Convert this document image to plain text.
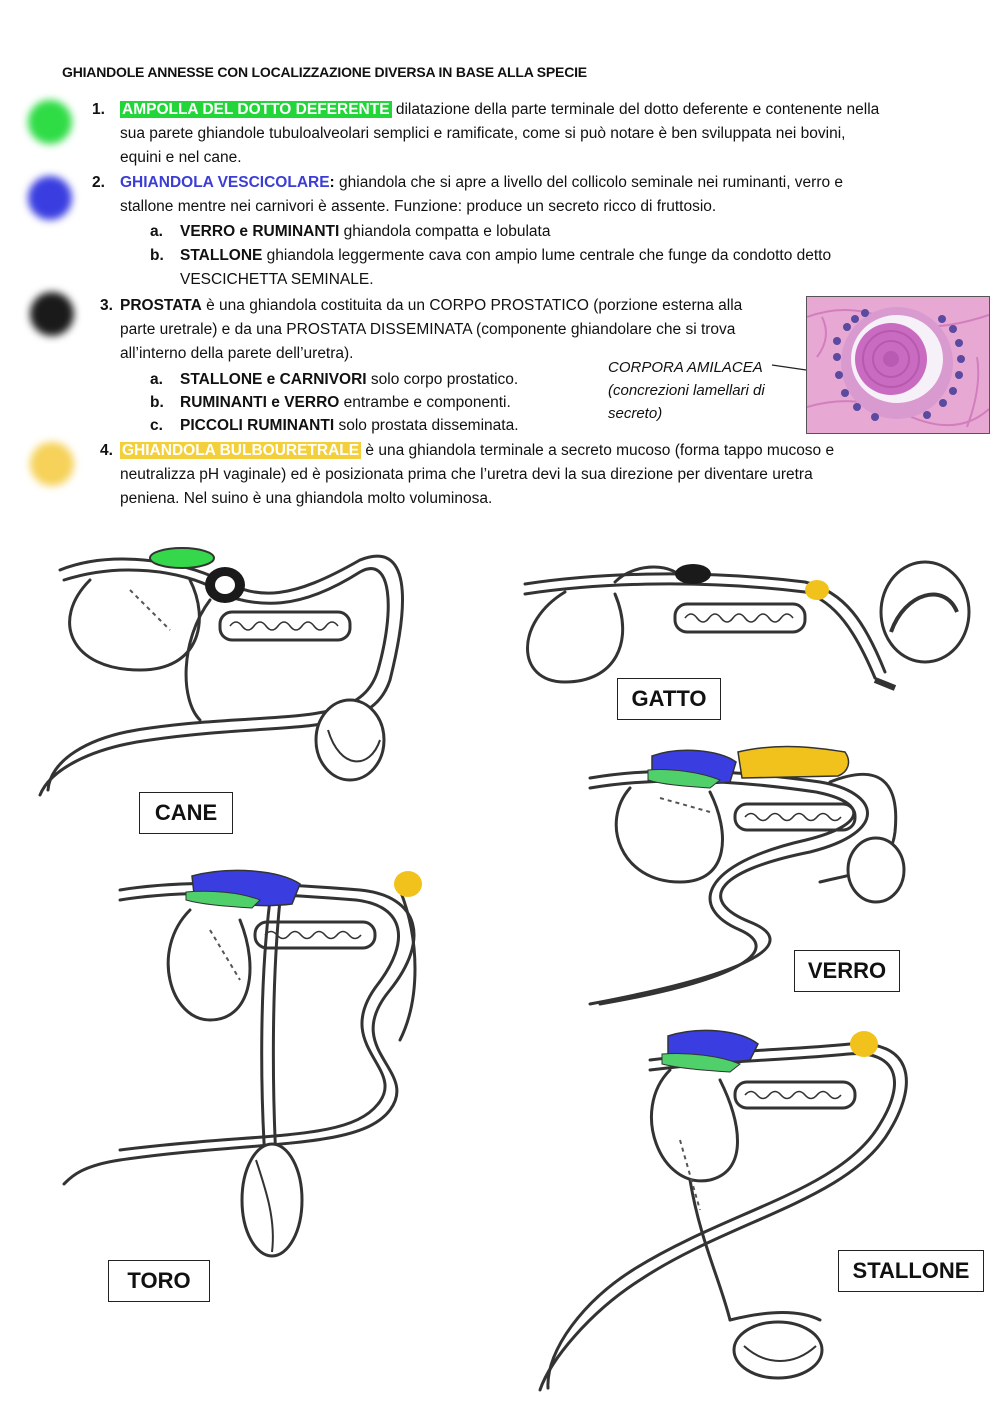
GHIANDOLE ANNESSE CON LOCALIZZAZIONE DIVERSA IN BASE ALLA SPECIE
1. AMPOLLA DEL DOTTO DEFERENTE dilatazione della parte terminale del dotto deferente e contenente nella
sua parete ghiandole tubuloalveolari semplici e ramificate, come si può notare è ben sviluppata nei bovini,
equini e nel cane.
2. GHIANDOLA VESCICOLARE: ghiandola che si apre a livello del collicolo seminale nei ruminanti, verro e
stallone mentre nei carnivori è assente. Funzione: produce un secreto ricco di fruttosio.
a. VERRO e RUMINANTI ghiandola compatta e lobulata
b. STALLONE ghiandola leggermente cava con ampio lume centrale che funge da condotto detto
VESCICHETTA SEMINALE.
3. PROSTATA è una ghiandola costituita da un CORPO PROSTATICO (porzione esterna alla
parte uretrale) e da una PROSTATA DISSEMINATA (componente ghiandolare che si trova
all’interno della parete dell’uretra).
a. STALLONE e CARNIVORI solo corpo prostatico.
b. RUMINANTI e VERRO entrambe e componenti.
c. PICCOLI RUMINANTI solo prostata disseminata.
CORPORA AMILACEA
(concrezioni lamellari di
secreto)
4. GHIANDOLA BULBOURETRALE è una ghiandola terminale a secreto mucoso (forma tappo mucoso e
neutralizza pH vaginale) ed è posizionata prima che l’uretra devi la sua direzione per diventare uretra
peniena. Nel suino è una ghiandola molto voluminosa.
CANE
GATTO
VERRO
TORO	STALLONE
